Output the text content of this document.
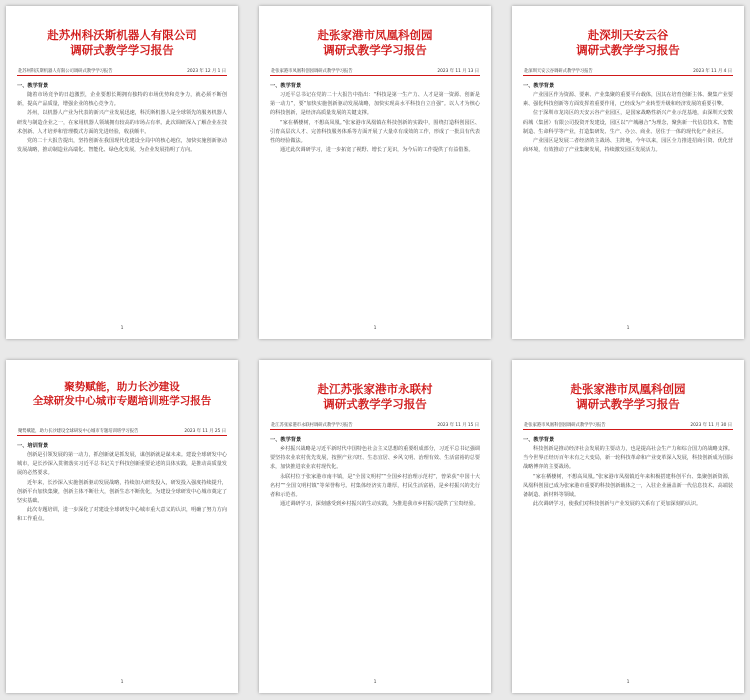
赴苏州科沃斯机器人有限公司

调研式教学学习报告

赴苏州科沃斯机器人有限公司调研式教学学习报告	2023 年 12 月 1 日
一、教学背景

随着市场竞争的日趋激烈，企业要想长期拥有独特的市场优势和竞争力，就必须不断创新，提高产品质量，增强企业的核心竞争力。

苏州，以机器人产业为代表的新兴产业发展迅速，科沃斯机器人是全球领先的服务机器人研发与制造企业之一，在家用机器人领域拥有较高的市场占有率。此次调研深入了解企业在技术创新、人才培养和管理模式方面的先进经验，收获颇丰。

党的二十大报告提出，坚持创新在我国现代化建设全局中的核心地位，加快实施创新驱动发展战略，推动制造业高端化、智能化、绿色化发展，为企业发展指明了方向。

1

赴张家港市凤凰科创园

调研式教学学习报告

赴张家港市凤凰科创园调研式教学学习报告	2023 年 11 月 13 日
一、教学背景

习近平总书记在党的二十大报告中指出：“科技是第一生产力、人才是第一资源、创新是第一动力”，要“加快实施创新驱动发展战略，加快实现高水平科技自立自强”。以人才为核心的科技创新，是经济高质量发展的关键支撑。

“家在栖棲树，不想高凤凰。”张家港市凤凰镇在科技创新的实践中，围绕打造科创园区、引育高层次人才、完善科技服务体系等方面开展了大量卓有成效的工作，形成了一批具有代表性的经验做法。

通过此次调研学习，进一步拓宽了视野、增长了见识，为今后的工作提供了有益借鉴。

1

赴深圳天安云谷

调研式教学学习报告

赴深圳天安云谷调研式教学学习报告	2023 年 11 月 4 日
一、教学背景

产业园区作为资源、要素、产业集聚的重要平台载体，因其在培育创新主体、聚集产业要素、强化科技创新等方面发挥着重要作用，已经成为产业转型升级和经济发展的重要引擎。

位于深圳市龙岗区的天安云谷产业园区，是国家战略性新兴产业示范基地，由深圳天安数码城（集团）有限公司投资开发建设，园区以“产城融合”为理念，聚焦新一代信息技术、智能制造、生命科学等产业，打造集研发、生产、办公、商业、居住于一体的现代化产业社区。

产业园区是发展二者经济的主战场、主阵地，今年以来，园区全力推进招商引资、优化营商环境，有效推动了产业集聚发展，持续激发园区发展活力。

1

聚势赋能，助力长沙建设

全球研发中心城市专题培训班学习报告

聚势赋能，助力长沙建设全球研发中心城市专题培训班学习报告	2023 年 11 月 25 日
一、培训背景

创新是引领发展的第一动力，抓创新就是抓发展，谋创新就是谋未来。建设全球研发中心城市，是长沙深入贯彻落实习近平总书记关于科技创新重要论述的具体实践，是推动高质量发展的必然要求。

近年来，长沙深入实施创新驱动发展战略，持续加大研发投入，研发投入强度持续提升，创新平台加快集聚，创新主体不断壮大，创新生态不断优化，为建设全球研发中心城市奠定了坚实基础。

此次专题培训，进一步深化了对建设全球研发中心城市重大意义的认识，明确了努力方向和工作重点。

1

赴江苏张家港市永联村

调研式教学学习报告

赴江苏张家港市永联村调研式教学学习报告	2023 年 11 月 15 日
一、教学背景

乡村振兴战略是习近平新时代中国特色社会主义思想的重要组成部分，习近平总书记强调要坚持农业农村优先发展，按照产业兴旺、生态宜居、乡风文明、治理有效、生活富裕的总要求，加快推进农业农村现代化。

永联村位于张家港市南丰镇，是“全国文明村”“全国乡村治理示范村”，曾荣获“中国十大名村”“全国文明村镇”等荣誉称号。村集体经济实力雄厚，村民生活富裕，是乡村振兴的先行者和示范者。

通过调研学习，深刻感受到乡村振兴的生动实践，为推进我市乡村振兴提供了宝贵经验。

1

赴张家港市凤凰科创园

调研式教学学习报告

赴张家港市凤凰科创园调研式教学学习报告	2023 年 11 月 30 日
一、教学背景

科技创新是推动经济社会发展的主要动力，也是提高社会生产力和综合国力的战略支撑。当今世界正经历百年未有之大变局，新一轮科技革命和产业变革深入发展，科技创新成为国际战略博弈的主要战场。

“家在栖棲树，不想高凤凰。”张家港市凤凰镇近年来积极搭建科创平台、集聚创新资源，凤凰科创园已成为张家港市重要的科技创新载体之一，入驻企业涵盖新一代信息技术、高端装备制造、新材料等领域。

此次调研学习，使我们对科技创新与产业发展的关系有了更加深刻的认识。

1
